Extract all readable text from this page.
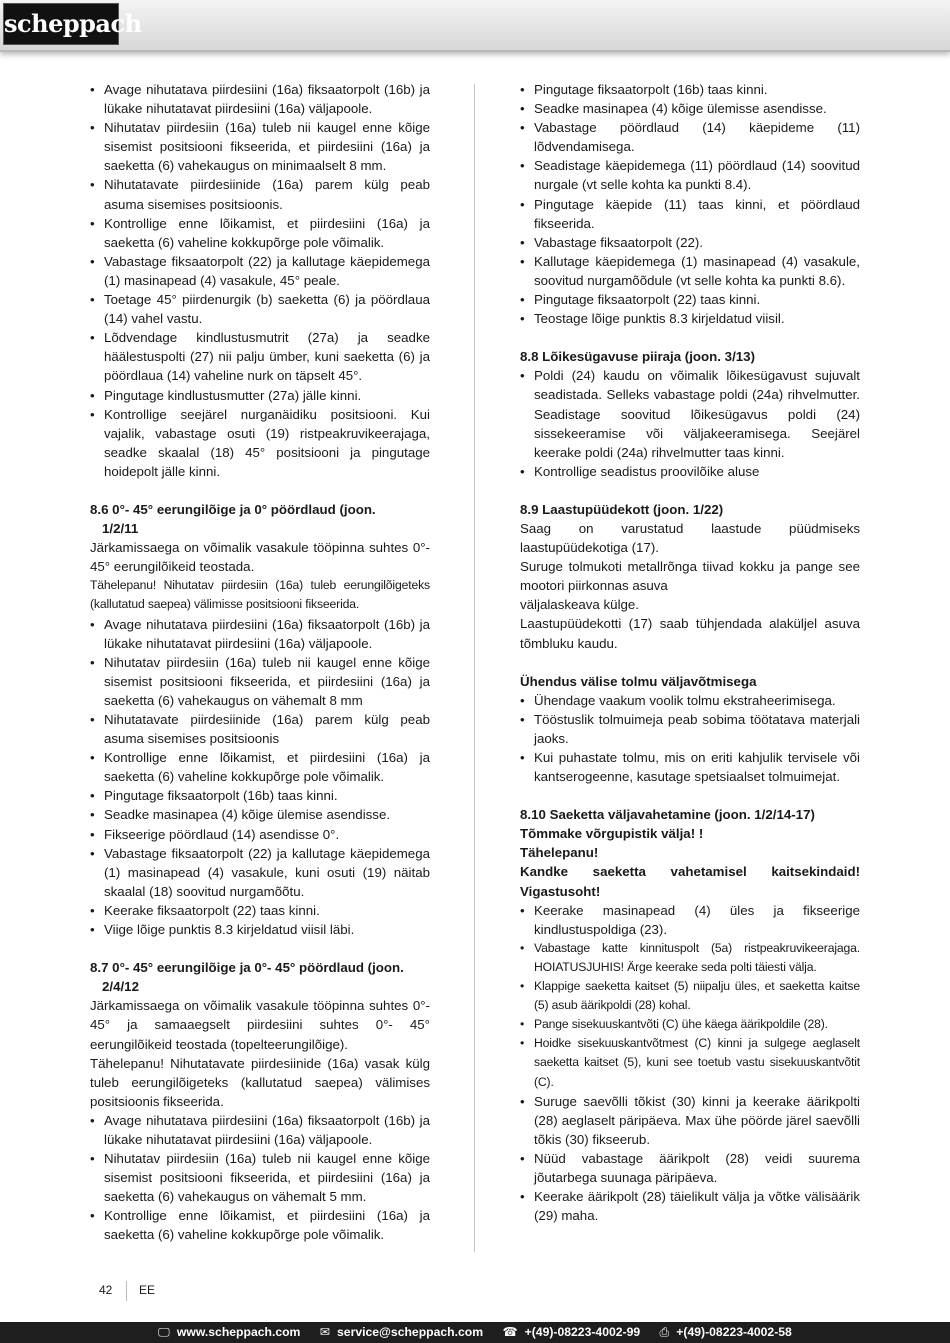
scheppach
• Avage nihutatava piirdesiini (16a) fiksaatorpolt (16b) ja lükake nihutatavat piirdesiini (16a) väljapoole.
• Nihutatav piirdesiin (16a) tuleb nii kaugel enne kõige sisemist positsiooni fikseerida, et piirdesiini (16a) ja saeketta (6) vahekaugus on minimaalselt 8 mm.
• Nihutatavate piirdesiinide (16a) parem külg peab asuma sisemises positsioonis.
• Kontrollige enne lõikamist, et piirdesiini (16a) ja saeketta (6) vaheline kokkupõrge pole võimalik.
• Vabastage fiksaatorpolt (22) ja kallutage käepidemega (1) masinapead (4) vasakule, 45° peale.
• Toetage 45° piirdenurgik (b) saeketta (6) ja pöördlaua (14) vahel vastu.
• Lõdvendage kindlustusmutrit (27a) ja seadke häälestuspolti (27) nii palju ümber, kuni saeketta (6) ja pöördlaua (14) vaheline nurk on täpselt 45°.
• Pingutage kindlustusmutter (27a) jälle kinni.
• Kontrollige seejärel nurganäidiku positsiooni. Kui vajalik, vabastage osuti (19) ristpeakruvikeerajaga, seadke skaalal (18) 45° positsiooni ja pingutage hoidepolt jälle kinni.
8.6 0°- 45° eerungilõige ja 0° pöördlaud (joon.
1/2/11

Järkamissaega on võimalik vasakule tööpinna suhtes 0°- 45° eerungilõikeid teostada.

Tähelepanu! Nihutatav piirdesiin (16a) tuleb eerungilõigeteks (kallutatud saepea) välimisse positsiooni fikseerida.

• Avage nihutatava piirdesiini (16a) fiksaatorpolt (16b) ja lükake nihutatavat piirdesiini (16a) väljapoole.
• Nihutatav piirdesiin (16a) tuleb nii kaugel enne kõige sisemist positsiooni fikseerida, et piirdesiini (16a) ja saeketta (6) vahekaugus on vähemalt 8 mm
• Nihutatavate piirdesiinide (16a) parem külg peab asuma sisemises positsioonis
• Kontrollige enne lõikamist, et piirdesiini (16a) ja saeketta (6) vaheline kokkupõrge pole võimalik.
• Pingutage fiksaatorpolt (16b) taas kinni.
• Seadke masinapea (4) kõige ülemise asendisse.
• Fikseerige pöördlaud (14) asendisse 0°.
• Vabastage fiksaatorpolt (22) ja kallutage käepidemega (1) masinapead (4) vasakule, kuni osuti (19) näitab skaalal (18) soovitud nurgamõõtu.
• Keerake fiksaatorpolt (22) taas kinni.
• Viige lõige punktis 8.3 kirjeldatud viisil läbi.
8.7 0°- 45° eerungilõige ja 0°- 45° pöördlaud (joon.
2/4/12

Järkamissaega on võimalik vasakule tööpinna suhtes 0°- 45° ja samaaegselt piirdesiini suhtes 0°- 45° eerungilõikeid teostada (topelteerungilõige).

Tähelepanu! Nihutatavate piirdesiinide (16a) vasak külg tuleb eerungilõigeteks (kallutatud saepea) välimises positsioonis fikseerida.

• Avage nihutatava piirdesiini (16a) fiksaatorpolt (16b) ja lükake nihutatavat piirdesiini (16a) väljapoole.
• Nihutatav piirdesiin (16a) tuleb nii kaugel enne kõige sisemist positsiooni fikseerida, et piirdesiini (16a) ja saeketta (6) vahekaugus on vähemalt 5 mm.
• Kontrollige enne lõikamist, et piirdesiini (16a) ja saeketta (6) vaheline kokkupõrge pole võimalik.
• Pingutage fiksaatorpolt (16b) taas kinni.
• Seadke masinapea (4) kõige ülemisse asendisse.
• Vabastage pöördlaud (14) käepideme (11) lõdvendamisega.
• Seadistage käepidemega (11) pöördlaud (14) soovitud nurgale (vt selle kohta ka punkti 8.4).
• Pingutage käepide (11) taas kinni, et pöördlaud fikseerida.
• Vabastage fiksaatorpolt (22).
• Kallutage käepidemega (1) masinapead (4) vasakule, soovitud nurgamõõdule (vt selle kohta ka punkti 8.6).
• Pingutage fiksaatorpolt (22) taas kinni.
• Teostage lõige punktis 8.3 kirjeldatud viisil.
8.8 Lõikesügavuse piiraja (joon. 3/13)
• Poldi (24) kaudu on võimalik lõikesügavust sujuvalt seadistada. Selleks vabastage poldi (24a) rihvelmutter. Seadistage soovitud lõikesügavus poldi (24) sissekeeramise või väljakeeramisega. Seejärel keerake poldi (24a) rihvelmutter taas kinni.
• Kontrollige seadistus proovilõike aluse
8.9 Laastupüüdekott (joon. 1/22)

Saag on varustatud laastude püüdmiseks laastupüüdekotiga (17).

Suruge tolmukoti metallrõnga tiivad kokku ja pange see mootori piirkonnas asuva

väljalaskeava külge.

Laastupüüdekotti (17) saab tühjendada alaküljel asuva tõmbluku kaudu.

Ühendus välise tolmu väljavõtmisega
• Ühendage vaakum voolik tolmu ekstraheerimisega.
• Tööstuslik tolmuimeja peab sobima töötatava materjali jaoks.
• Kui puhastate tolmu, mis on eriti kahjulik tervisele või kantserogeenne, kasutage spetsiaalset tolmuimejat.
8.10 Saeketta väljavahetamine (joon. 1/2/14-17)
Tõmmake võrgupistik välja! !
Tähelepanu!
Kandke saeketta vahetamisel kaitsekindaid! Vigastusoht!
• Keerake masinapead (4) üles ja fikseerige kindlustuspoldiga (23).
• Vabastage katte kinnituspolt (5a) ristpeakruvikeerajaga. HOIATUSJUHIS! Ärge keerake seda polti täiesti välja.
• Klappige saeketta kaitset (5) niipalju üles, et saeketta kaitse (5) asub äärikpoldi (28) kohal.
• Pange sisekuuskantvõti (C) ühe käega äärikpoldile (28).
• Hoidke sisekuuskantvõtmest (C) kinni ja sulgege aeglaselt saeketta kaitset (5), kuni see toetub vastu sisekuuskantvõtit (C).
• Suruge saevõlli tõkist (30) kinni ja keerake äärikpolti (28) aeglaselt päripäeva. Max ühe pöörde järel saevõlli tõkis (30) fikseerub.
• Nüüd vabastage äärikpolt (28) veidi suurema jõutarbega suunaga päripäeva.
• Keerake äärikpolt (28) täielikult välja ja võtke välisäärik (29) maha.
42 EE
🖵 www.scheppach.com ✉ service@scheppach.com ☎ +(49)-08223-4002-99 ⎙ +(49)-08223-4002-58
